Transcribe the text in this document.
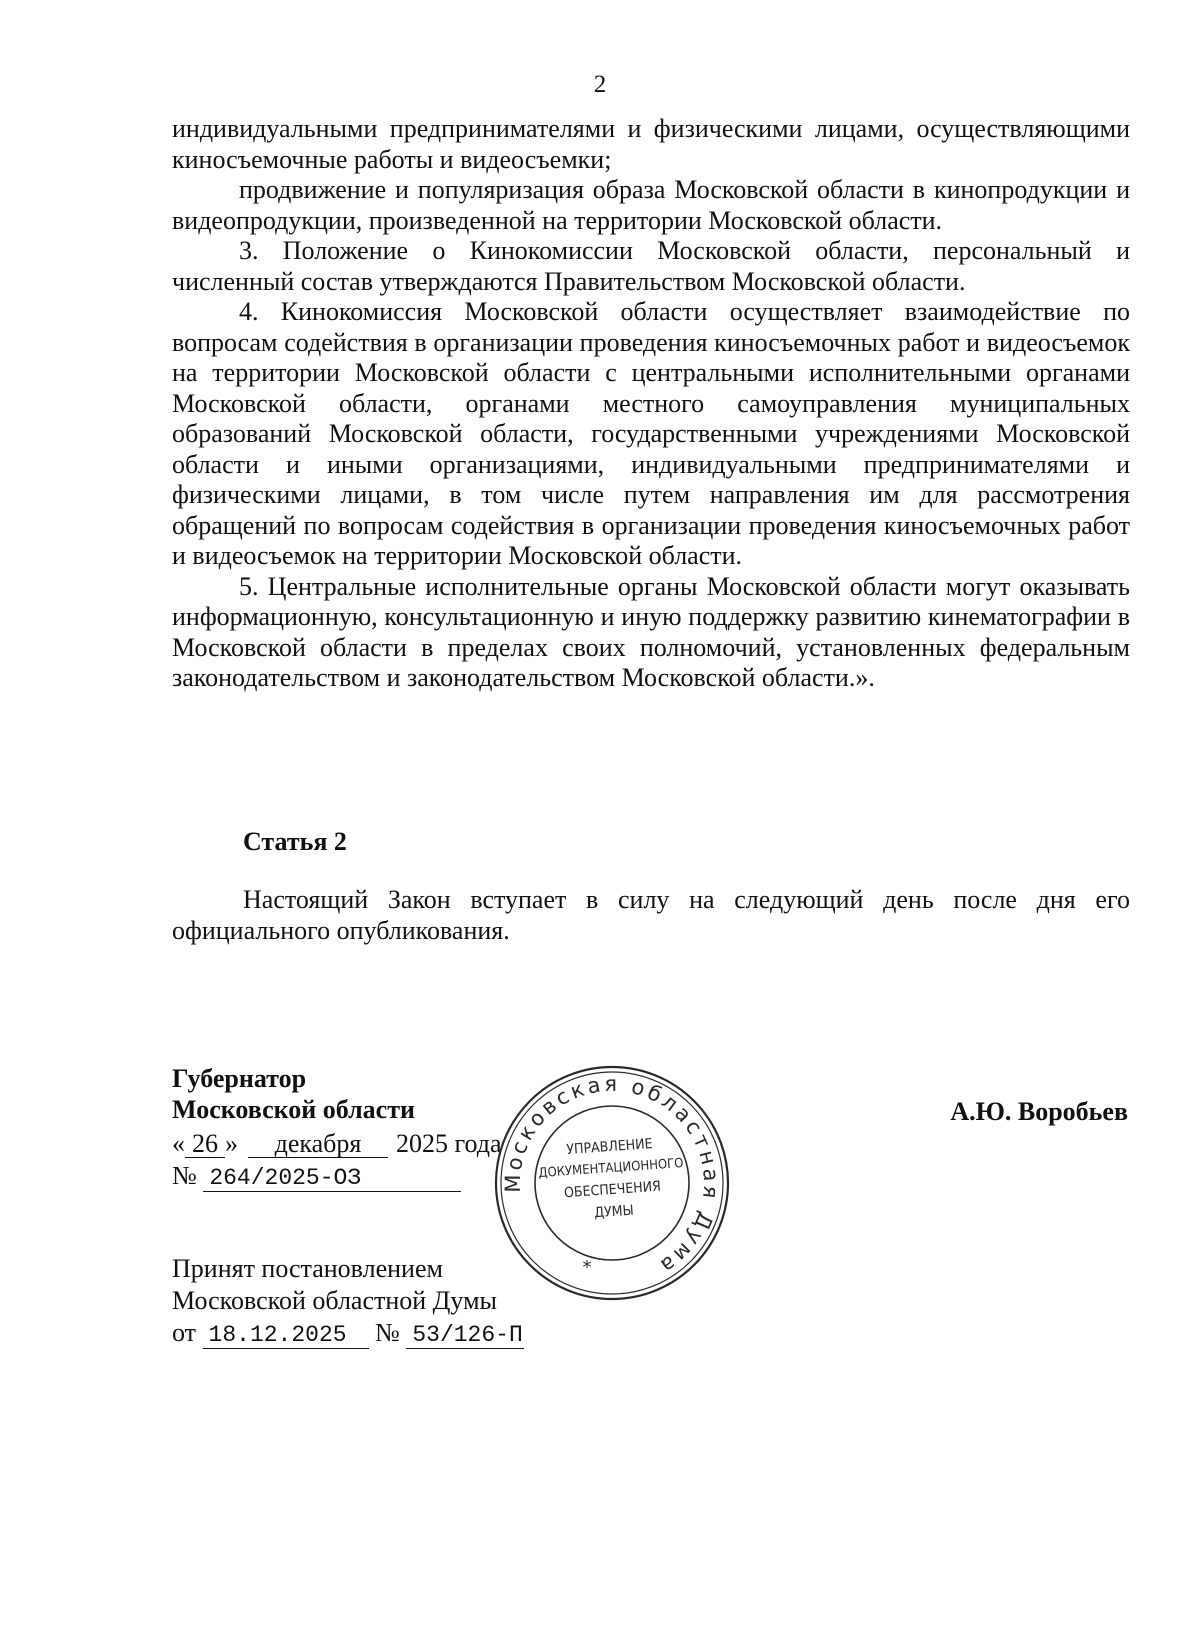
2

индивидуальными предпринимателями и физическими лицами, осуществляющими киносъемочные работы и видеосъемки;

продвижение и популяризация образа Московской области в кинопродукции и видеопродукции, произведенной на территории Московской области.

3. Положение о Кинокомиссии Московской области, персональный и численный состав утверждаются Правительством Московской области.

4. Кинокомиссия Московской области осуществляет взаимодействие по вопросам содействия в организации проведения киносъемочных работ и видеосъемок на территории Московской области с центральными исполнительными органами Московской области, органами местного самоуправления муниципальных образований Московской области, государственными учреждениями Московской области и иными организациями, индивидуальными предпринимателями и физическими лицами, в том числе путем направления им для рассмотрения обращений по вопросам содействия в организации проведения киносъемочных работ и видеосъемок на территории Московской области.

5. Центральные исполнительные органы Московской области могут оказывать информационную, консультационную и иную поддержку развитию кинематографии в Московской области в пределах своих полномочий, установленных федеральным законодательством и законодательством Московской области.».

Статья 2
Настоящий Закон вступает в силу на следующий день после дня его официального опубликования.
Губернатор
Московской области	А.Ю. Воробьев
« 26 » декабря 2025 года
№ 264/2025-ОЗ
Принят постановлением
Московской областной Думы
от 18.12.2025 № 53/126-П
Московская областная Дума
УПРАВЛЕНИЕ
ДОКУМЕНТАЦИОННОГО
ОБЕСПЕЧЕНИЯ
ДУМЫ
*
